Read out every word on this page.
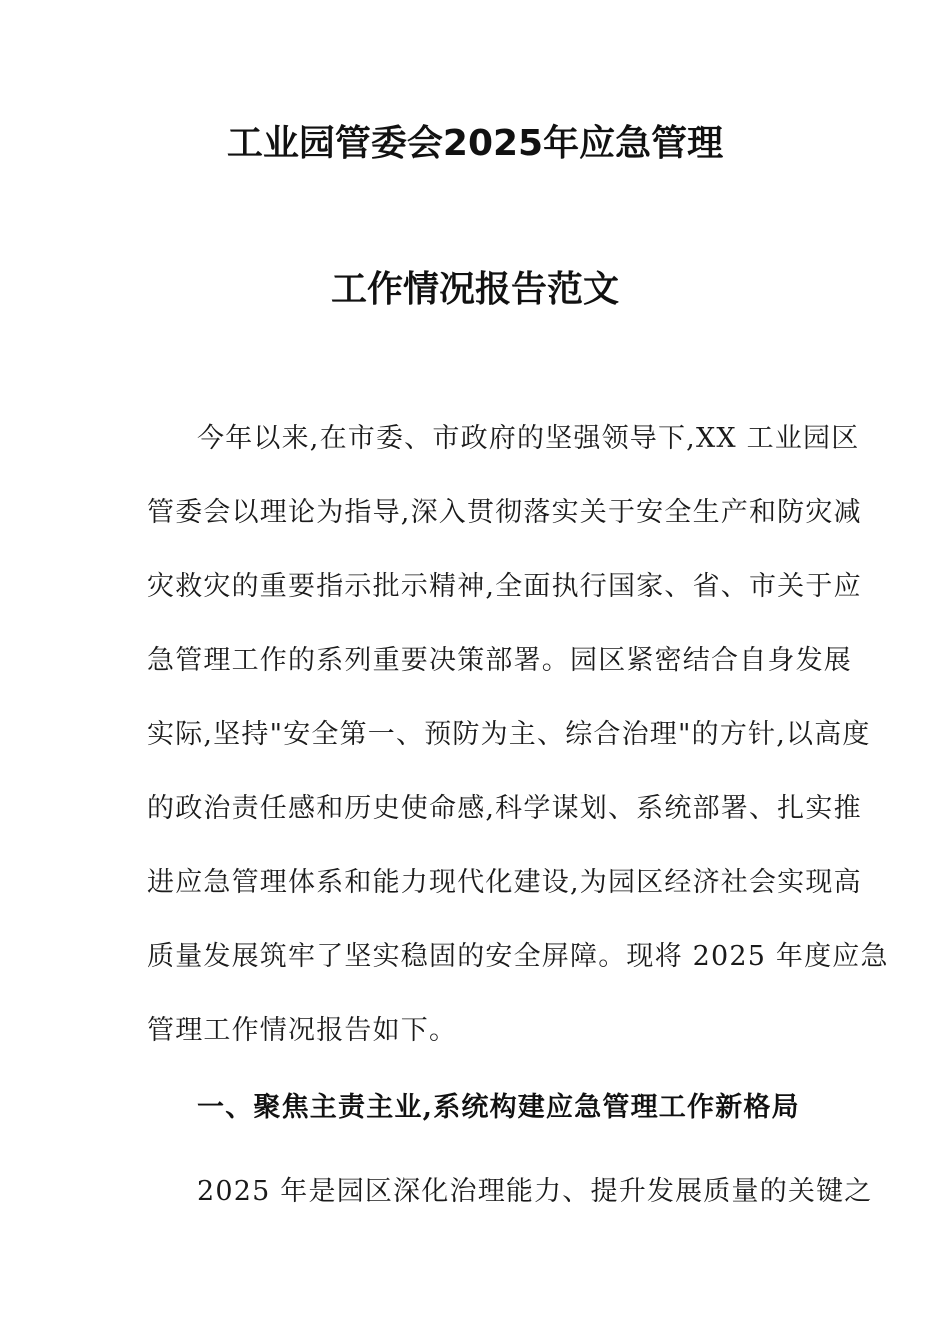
工业园管委会2025年应急管理
工作情况报告范文
今年以来,在市委、市政府的坚强领导下,XX 工业园区
管委会以理论为指导,深入贯彻落实关于安全生产和防灾减
灾救灾的重要指示批示精神,全面执行国家、省、市关于应
急管理工作的系列重要决策部署。园区紧密结合自身发展
实际,坚持"安全第一、预防为主、综合治理"的方针,以高度
的政治责任感和历史使命感,科学谋划、系统部署、扎实推
进应急管理体系和能力现代化建设,为园区经济社会实现高
质量发展筑牢了坚实稳固的安全屏障。现将 2025 年度应急
管理工作情况报告如下。
一、聚焦主责主业,系统构建应急管理工作新格局
2025 年是园区深化治理能力、提升发展质量的关键之
